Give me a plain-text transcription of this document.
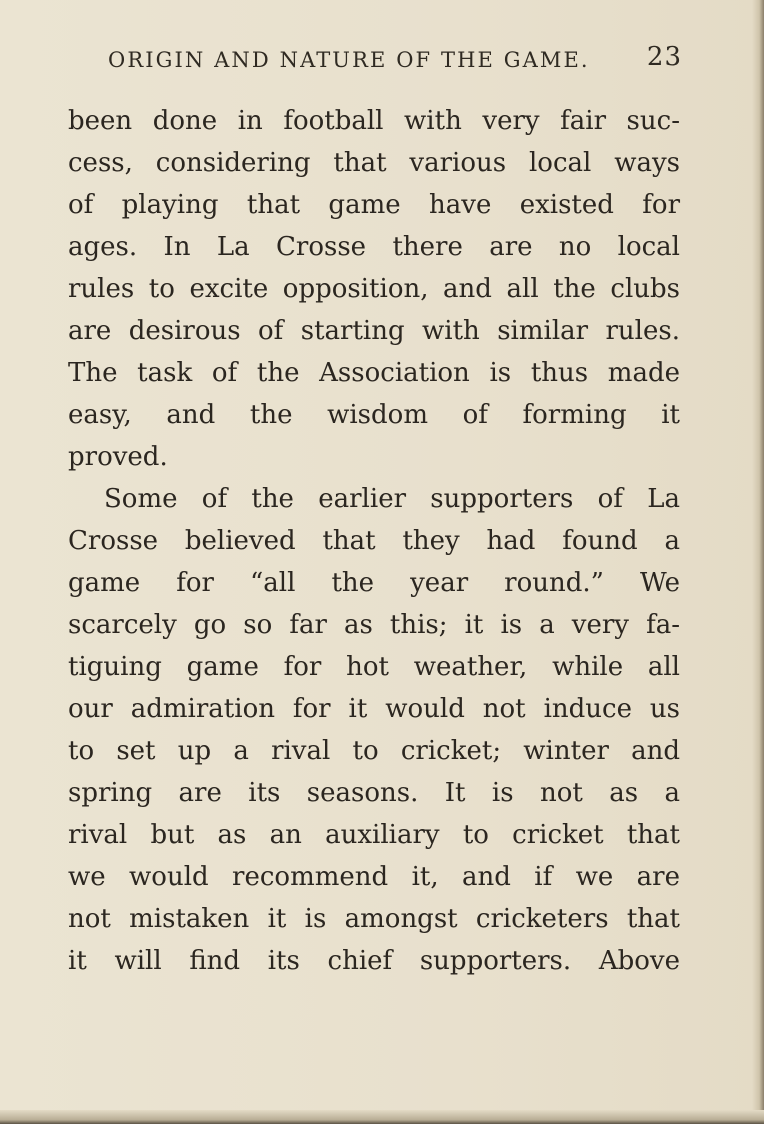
ORIGIN AND NATURE OF THE GAME. 23
been done in football with very fair suc-
cess, considering that various local ways
of playing that game have existed for
ages. In La Crosse there are no local
rules to excite opposition, and all the clubs
are desirous of starting with similar rules.
The task of the Association is thus made
easy, and the wisdom of forming it
proved.
Some of the earlier supporters of La
Crosse believed that they had found a
game for “all the year round.” We
scarcely go so far as this; it is a very fa-
tiguing game for hot weather, while all
our admiration for it would not induce us
to set up a rival to cricket; winter and
spring are its seasons. It is not as a
rival but as an auxiliary to cricket that
we would recommend it, and if we are
not mistaken it is amongst cricketers that
it will find its chief supporters. Above
